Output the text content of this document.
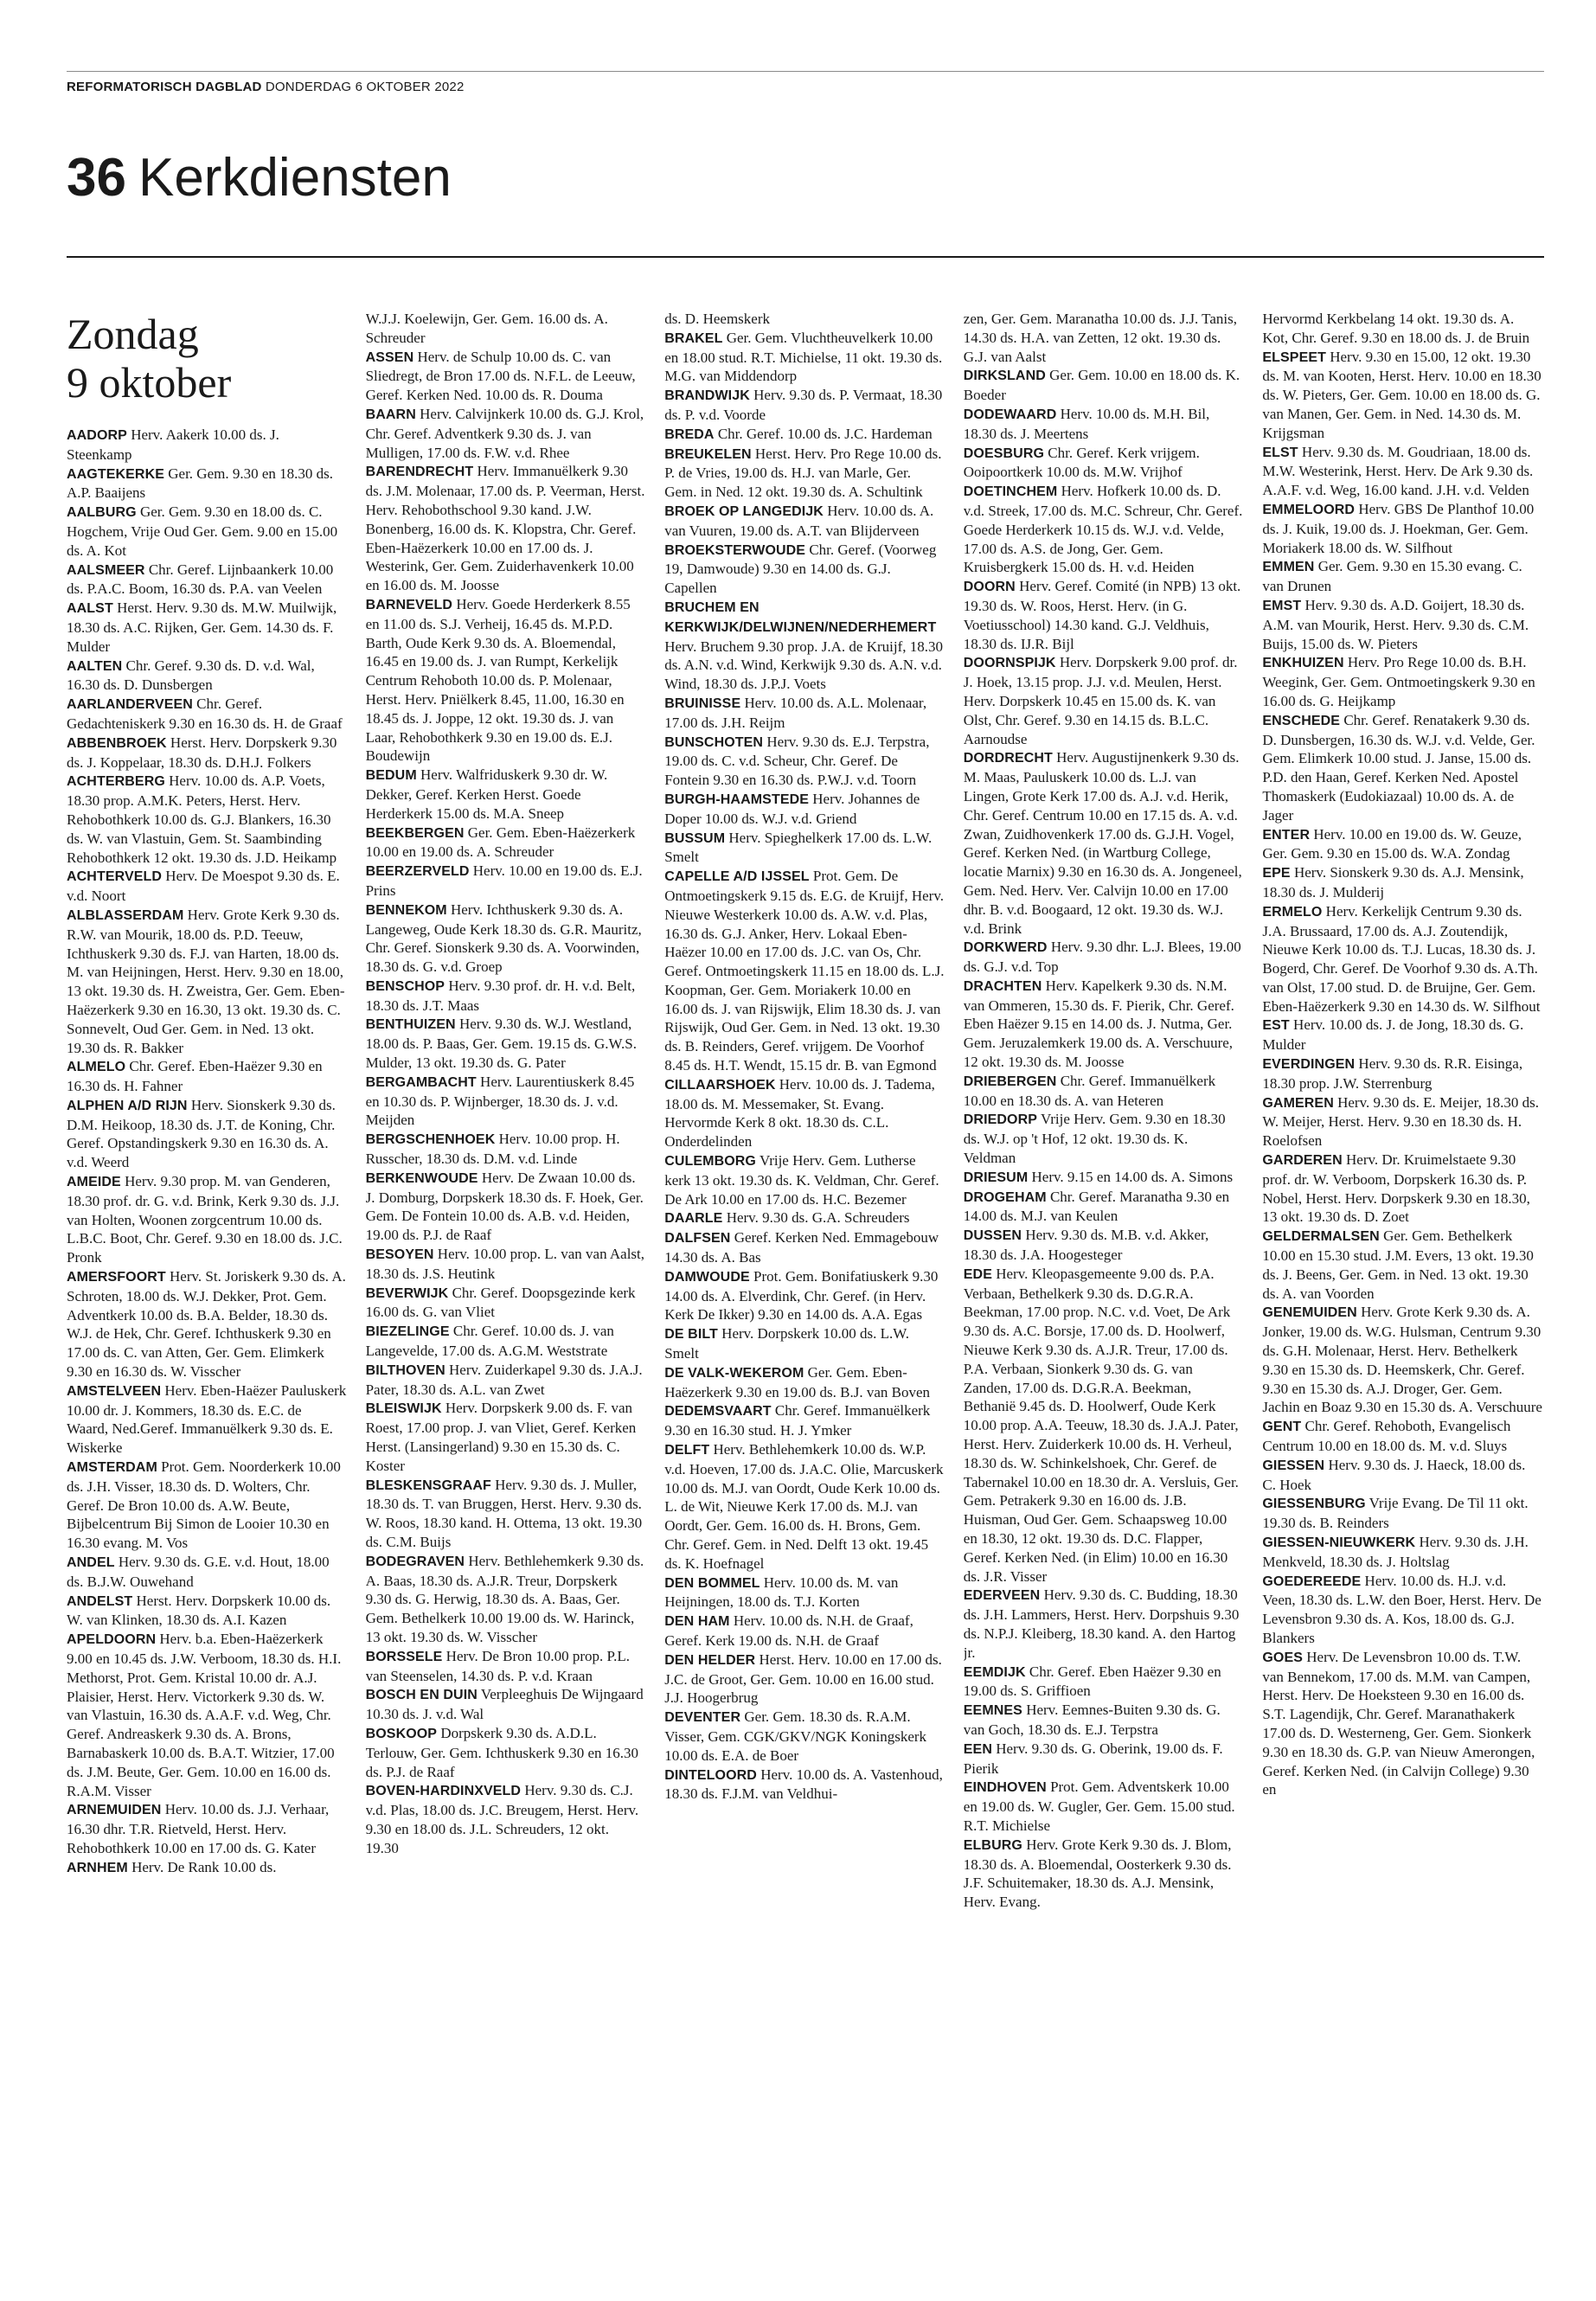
REFORMATORISCH DAGBLAD DONDERDAG 6 OKTOBER 2022
36 Kerkdiensten
Zondag
9 oktober

AADORP Herv. Aakerk 10.00 ds. J. Steenkamp

AAGTEKERKE Ger. Gem. 9.30 en 18.30 ds. A.P. Baaijens

AALBURG Ger. Gem. 9.30 en 18.00 ds. C. Hogchem, Vrije Oud Ger. Gem. 9.00 en 15.00 ds. A. Kot

AALSMEER Chr. Geref. Lijnbaankerk 10.00 ds. P.A.C. Boom, 16.30 ds. P.A. van Veelen

AALST Herst. Herv. 9.30 ds. M.W. Muilwijk, 18.30 ds. A.C. Rijken, Ger. Gem. 14.30 ds. F. Mulder

AALTEN Chr. Geref. 9.30 ds. D. v.d. Wal, 16.30 ds. D. Dunsbergen

AARLANDERVEEN Chr. Geref. Gedachteniskerk 9.30 en 16.30 ds. H. de Graaf

ABBENBROEK Herst. Herv. Dorpskerk 9.30 ds. J. Koppelaar, 18.30 ds. D.H.J. Folkers

ACHTERBERG Herv. 10.00 ds. A.P. Voets, 18.30 prop. A.M.K. Peters, Herst. Herv. Rehobothkerk 10.00 ds. G.J. Blankers, 16.30 ds. W. van Vlastuin, Gem. St. Saambinding Rehobothkerk 12 okt. 19.30 ds. J.D. Heikamp

ACHTERVELD Herv. De Moespot 9.30 ds. E. v.d. Noort

ALBLASSERDAM Herv. Grote Kerk 9.30 ds. R.W. van Mourik, 18.00 ds. P.D. Teeuw, Ichthuskerk 9.30 ds. F.J. van Harten, 18.00 ds. M. van Heijningen, Herst. Herv. 9.30 en 18.00, 13 okt. 19.30 ds. H. Zweistra, Ger. Gem. Eben-Haëzerkerk 9.30 en 16.30, 13 okt. 19.30 ds. C. Sonnevelt, Oud Ger. Gem. in Ned. 13 okt. 19.30 ds. R. Bakker

ALMELO Chr. Geref. Eben-Haëzer 9.30 en 16.30 ds. H. Fahner

ALPHEN A/D RIJN Herv. Sionskerk 9.30 ds. D.M. Heikoop, 18.30 ds. J.T. de Koning, Chr. Geref. Opstandingskerk 9.30 en 16.30 ds. A. v.d. Weerd

AMEIDE Herv. 9.30 prop. M. van Genderen, 18.30 prof. dr. G. v.d. Brink, Kerk 9.30 ds. J.J. van Holten, Woonen zorgcentrum 10.00 ds. L.B.C. Boot, Chr. Geref. 9.30 en 18.00 ds. J.C. Pronk

AMERSFOORT Herv. St. Joriskerk 9.30 ds. A. Schroten, 18.00 ds. W.J. Dekker, Prot. Gem. Adventkerk 10.00 ds. B.A. Belder, 18.30 ds. W.J. de Hek, Chr. Geref. Ichthuskerk 9.30 en 17.00 ds. C. van Atten, Ger. Gem. Elimkerk 9.30 en 16.30 ds. W. Visscher

AMSTELVEEN Herv. Eben-Haëzer Pauluskerk 10.00 dr. J. Kommers, 18.30 ds. E.C. de Waard, Ned.Geref. Immanuëlkerk 9.30 ds. E. Wiskerke

AMSTERDAM Prot. Gem. Noorderkerk 10.00 ds. J.H. Visser, 18.30 ds. D. Wolters, Chr. Geref. De Bron 10.00 ds. A.W. Beute, Bijbelcentrum Bij Simon de Looier 10.30 en 16.30 evang. M. Vos

ANDEL Herv. 9.30 ds. G.E. v.d. Hout, 18.00 ds. B.J.W. Ouwehand

ANDELST Herst. Herv. Dorpskerk 10.00 ds. W. van Klinken, 18.30 ds. A.I. Kazen

APELDOORN Herv. b.a. Eben-Haëzerkerk 9.00 en 10.45 ds. J.W. Verboom, 18.30 ds. H.I. Methorst, Prot. Gem. Kristal 10.00 dr. A.J. Plaisier, Herst. Herv. Victorkerk 9.30 ds. W. van Vlastuin, 16.30 ds. A.A.F. v.d. Weg, Chr. Geref. Andreaskerk 9.30 ds. A. Brons, Barnabaskerk 10.00 ds. B.A.T. Witzier, 17.00 ds. J.M. Beute, Ger. Gem. 10.00 en 16.00 ds. R.A.M. Visser

ARNEMUIDEN Herv. 10.00 ds. J.J. Verhaar, 16.30 dhr. T.R. Rietveld, Herst. Herv. Rehobothkerk 10.00 en 17.00 ds. G. Kater

ARNHEM Herv. De Rank 10.00 ds.

W.J.J. Koelewijn, Ger. Gem. 16.00 ds. A. Schreuder

ASSEN Herv. de Schulp 10.00 ds. C. van Sliedregt, de Bron 17.00 ds. N.F.L. de Leeuw, Geref. Kerken Ned. 10.00 ds. R. Douma

BAARN Herv. Calvijnkerk 10.00 ds. G.J. Krol, Chr. Geref. Adventkerk 9.30 ds. J. van Mulligen, 17.00 ds. F.W. v.d. Rhee

BARENDRECHT Herv. Immanuëlkerk 9.30 ds. J.M. Molenaar, 17.00 ds. P. Veerman, Herst. Herv. Rehobothschool 9.30 kand. J.W. Bonenberg, 16.00 ds. K. Klopstra, Chr. Geref. Eben-Haëzerkerk 10.00 en 17.00 ds. J. Westerink, Ger. Gem. Zuiderhavenkerk 10.00 en 16.00 ds. M. Joosse

BARNEVELD Herv. Goede Herderkerk 8.55 en 11.00 ds. S.J. Verheij, 16.45 ds. M.P.D. Barth, Oude Kerk 9.30 ds. A. Bloemendal, 16.45 en 19.00 ds. J. van Rumpt, Kerkelijk Centrum Rehoboth 10.00 ds. P. Molenaar, Herst. Herv. Pniëlkerk 8.45, 11.00, 16.30 en 18.45 ds. J. Joppe, 12 okt. 19.30 ds. J. van Laar, Rehobothkerk 9.30 en 19.00 ds. E.J. Boudewijn

BEDUM Herv. Walfriduskerk 9.30 dr. W. Dekker, Geref. Kerken Herst. Goede Herderkerk 15.00 ds. M.A. Sneep

BEEKBERGEN Ger. Gem. Eben-Haëzerkerk 10.00 en 19.00 ds. A. Schreuder

BEERZERVELD Herv. 10.00 en 19.00 ds. E.J. Prins

BENNEKOM Herv. Ichthuskerk 9.30 ds. A. Langeweg, Oude Kerk 18.30 ds. G.R. Mauritz, Chr. Geref. Sionskerk 9.30 ds. A. Voorwinden, 18.30 ds. G. v.d. Groep

BENSCHOP Herv. 9.30 prof. dr. H. v.d. Belt, 18.30 ds. J.T. Maas

BENTHUIZEN Herv. 9.30 ds. W.J. Westland, 18.00 ds. P. Baas, Ger. Gem. 19.15 ds. G.W.S. Mulder, 13 okt. 19.30 ds. G. Pater

BERGAMBACHT Herv. Laurentiuskerk 8.45 en 10.30 ds. P. Wijnberger, 18.30 ds. J. v.d. Meijden

BERGSCHENHOEK Herv. 10.00 prop. H. Russcher, 18.30 ds. D.M. v.d. Linde

BERKENWOUDE Herv. De Zwaan 10.00 ds. J. Domburg, Dorpskerk 18.30 ds. F. Hoek, Ger. Gem. De Fontein 10.00 ds. A.B. v.d. Heiden, 19.00 ds. P.J. de Raaf

BESOYEN Herv. 10.00 prop. L. van van Aalst, 18.30 ds. J.S. Heutink

BEVERWIJK Chr. Geref. Doopsgezinde kerk 16.00 ds. G. van Vliet

BIEZELINGE Chr. Geref. 10.00 ds. J. van Langevelde, 17.00 ds. A.G.M. Weststrate

BILTHOVEN Herv. Zuiderkapel 9.30 ds. J.A.J. Pater, 18.30 ds. A.L. van Zwet

BLEISWIJK Herv. Dorpskerk 9.00 ds. F. van Roest, 17.00 prop. J. van Vliet, Geref. Kerken Herst. (Lansingerland) 9.30 en 15.30 ds. C. Koster

BLESKENSGRAAF Herv. 9.30 ds. J. Muller, 18.30 ds. T. van Bruggen, Herst. Herv. 9.30 ds. W. Roos, 18.30 kand. H. Ottema, 13 okt. 19.30 ds. C.M. Buijs

BODEGRAVEN Herv. Bethlehemkerk 9.30 ds. A. Baas, 18.30 ds. A.J.R. Treur, Dorpskerk 9.30 ds. G. Herwig, 18.30 ds. A. Baas, Ger. Gem. Bethelkerk 10.00 19.00 ds. W. Harinck, 13 okt. 19.30 ds. W. Visscher

BORSSELE Herv. De Bron 10.00 prop. P.L. van Steenselen, 14.30 ds. P. v.d. Kraan

BOSCH EN DUIN Verpleeghuis De Wijngaard 10.30 ds. J. v.d. Wal

BOSKOOP Dorpskerk 9.30 ds. A.D.L. Terlouw, Ger. Gem. Ichthuskerk 9.30 en 16.30 ds. P.J. de Raaf

BOVEN-HARDINXVELD Herv. 9.30 ds. C.J. v.d. Plas, 18.00 ds. J.C. Breugem, Herst. Herv. 9.30 en 18.00 ds. J.L. Schreuders, 12 okt. 19.30

ds. D. Heemskerk

BRAKEL Ger. Gem. Vluchtheuvelkerk 10.00 en 18.00 stud. R.T. Michielse, 11 okt. 19.30 ds. M.G. van Middendorp

BRANDWIJK Herv. 9.30 ds. P. Vermaat, 18.30 ds. P. v.d. Voorde

BREDA Chr. Geref. 10.00 ds. J.C. Hardeman

BREUKELEN Herst. Herv. Pro Rege 10.00 ds. P. de Vries, 19.00 ds. H.J. van Marle, Ger. Gem. in Ned. 12 okt. 19.30 ds. A. Schultink

BROEK OP LANGEDIJK Herv. 10.00 ds. A. van Vuuren, 19.00 ds. A.T. van Blijderveen

BROEKSTERWOUDE Chr. Geref. (Voorweg 19, Damwoude) 9.30 en 14.00 ds. G.J. Capellen

BRUCHEM EN KERKWIJK/DELWIJNEN/NEDERHEMERT Herv. Bruchem 9.30 prop. J.A. de Kruijf, 18.30 ds. A.N. v.d. Wind, Kerkwijk 9.30 ds. A.N. v.d. Wind, 18.30 ds. J.P.J. Voets

BRUINISSE Herv. 10.00 ds. A.L. Molenaar, 17.00 ds. J.H. Reijm

BUNSCHOTEN Herv. 9.30 ds. E.J. Terpstra, 19.00 ds. C. v.d. Scheur, Chr. Geref. De Fontein 9.30 en 16.30 ds. P.W.J. v.d. Toorn

BURGH-HAAMSTEDE Herv. Johannes de Doper 10.00 ds. W.J. v.d. Griend

BUSSUM Herv. Spieghelkerk 17.00 ds. L.W. Smelt

CAPELLE A/D IJSSEL Prot. Gem. De Ontmoetingskerk 9.15 ds. E.G. de Kruijf, Herv. Nieuwe Westerkerk 10.00 ds. A.W. v.d. Plas, 16.30 ds. G.J. Anker, Herv. Lokaal Eben-Haëzer 10.00 en 17.00 ds. J.C. van Os, Chr. Geref. Ontmoetingskerk 11.15 en 18.00 ds. L.J. Koopman, Ger. Gem. Moriakerk 10.00 en 16.00 ds. J. van Rijswijk, Elim 18.30 ds. J. van Rijswijk, Oud Ger. Gem. in Ned. 13 okt. 19.30 ds. B. Reinders, Geref. vrijgem. De Voorhof 8.45 ds. H.T. Wendt, 15.15 dr. B. van Egmond

CILLAARSHOEK Herv. 10.00 ds. J. Tadema, 18.00 ds. M. Messemaker, St. Evang. Hervormde Kerk 8 okt. 18.30 ds. C.L. Onderdelinden

CULEMBORG Vrije Herv. Gem. Lutherse kerk 13 okt. 19.30 ds. K. Veldman, Chr. Geref. De Ark 10.00 en 17.00 ds. H.C. Bezemer

DAARLE Herv. 9.30 ds. G.A. Schreuders

DALFSEN Geref. Kerken Ned. Emmagebouw 14.30 ds. A. Bas

DAMWOUDE Prot. Gem. Bonifatiuskerk 9.30 14.00 ds. A. Elverdink, Chr. Geref. (in Herv. Kerk De Ikker) 9.30 en 14.00 ds. A.A. Egas

DE BILT Herv. Dorpskerk 10.00 ds. L.W. Smelt

DE VALK-WEKEROM Ger. Gem. Eben-Haëzerkerk 9.30 en 19.00 ds. B.J. van Boven

DEDEMSVAART Chr. Geref. Immanuëlkerk 9.30 en 16.30 stud. H. J. Ymker

DELFT Herv. Bethlehemkerk 10.00 ds. W.P. v.d. Hoeven, 17.00 ds. J.A.C. Olie, Marcuskerk 10.00 ds. M.J. van Oordt, Oude Kerk 10.00 ds. L. de Wit, Nieuwe Kerk 17.00 ds. M.J. van Oordt, Ger. Gem. 16.00 ds. H. Brons, Gem. Chr. Geref. Gem. in Ned. Delft 13 okt. 19.45 ds. K. Hoefnagel

DEN BOMMEL Herv. 10.00 ds. M. van Heijningen, 18.00 ds. T.J. Korten

DEN HAM Herv. 10.00 ds. N.H. de Graaf, Geref. Kerk 19.00 ds. N.H. de Graaf

DEN HELDER Herst. Herv. 10.00 en 17.00 ds. J.C. de Groot, Ger. Gem. 10.00 en 16.00 stud. J.J. Hoogerbrug

DEVENTER Ger. Gem. 18.30 ds. R.A.M. Visser, Gem. CGK/GKV/NGK Koningskerk 10.00 ds. E.A. de Boer

DINTELOORD Herv. 10.00 ds. A. Vastenhoud, 18.30 ds. F.J.M. van Veldhui-

zen, Ger. Gem. Maranatha 10.00 ds. J.J. Tanis, 14.30 ds. H.A. van Zetten, 12 okt. 19.30 ds. G.J. van Aalst

DIRKSLAND Ger. Gem. 10.00 en 18.00 ds. K. Boeder

DODEWAARD Herv. 10.00 ds. M.H. Bil, 18.30 ds. J. Meertens

DOESBURG Chr. Geref. Kerk vrijgem. Ooipoortkerk 10.00 ds. M.W. Vrijhof

DOETINCHEM Herv. Hofkerk 10.00 ds. D. v.d. Streek, 17.00 ds. M.C. Schreur, Chr. Geref. Goede Herderkerk 10.15 ds. W.J. v.d. Velde, 17.00 ds. A.S. de Jong, Ger. Gem. Kruisbergkerk 15.00 ds. H. v.d. Heiden

DOORN Herv. Geref. Comité (in NPB) 13 okt. 19.30 ds. W. Roos, Herst. Herv. (in G. Voetiusschool) 14.30 kand. G.J. Veldhuis, 18.30 ds. IJ.R. Bijl

DOORNSPIJK Herv. Dorpskerk 9.00 prof. dr. J. Hoek, 13.15 prop. J.J. v.d. Meulen, Herst. Herv. Dorpskerk 10.45 en 15.00 ds. K. van Olst, Chr. Geref. 9.30 en 14.15 ds. B.L.C. Aarnoudse

DORDRECHT Herv. Augustijnenkerk 9.30 ds. M. Maas, Pauluskerk 10.00 ds. L.J. van Lingen, Grote Kerk 17.00 ds. A.J. v.d. Herik, Chr. Geref. Centrum 10.00 en 17.15 ds. A. v.d. Zwan, Zuidhovenkerk 17.00 ds. G.J.H. Vogel, Geref. Kerken Ned. (in Wartburg College, locatie Marnix) 9.30 en 16.30 ds. A. Jongeneel, Gem. Ned. Herv. Ver. Calvijn 10.00 en 17.00 dhr. B. v.d. Boogaard, 12 okt. 19.30 ds. W.J. v.d. Brink

DORKWERD Herv. 9.30 dhr. L.J. Blees, 19.00 ds. G.J. v.d. Top

DRACHTEN Herv. Kapelkerk 9.30 ds. N.M. van Ommeren, 15.30 ds. F. Pierik, Chr. Geref. Eben Haëzer 9.15 en 14.00 ds. J. Nutma, Ger. Gem. Jeruzalemkerk 19.00 ds. A. Verschuure, 12 okt. 19.30 ds. M. Joosse

DRIEBERGEN Chr. Geref. Immanuëlkerk 10.00 en 18.30 ds. A. van Heteren

DRIEDORP Vrije Herv. Gem. 9.30 en 18.30 ds. W.J. op 't Hof, 12 okt. 19.30 ds. K. Veldman

DRIESUM Herv. 9.15 en 14.00 ds. A. Simons

DROGEHAM Chr. Geref. Maranatha 9.30 en 14.00 ds. M.J. van Keulen

DUSSEN Herv. 9.30 ds. M.B. v.d. Akker, 18.30 ds. J.A. Hoogesteger

EDE Herv. Kleopasgemeente 9.00 ds. P.A. Verbaan, Bethelkerk 9.30 ds. D.G.R.A. Beekman, 17.00 prop. N.C. v.d. Voet, De Ark 9.30 ds. A.C. Borsje, 17.00 ds. D. Hoolwerf, Nieuwe Kerk 9.30 ds. A.J.R. Treur, 17.00 ds. P.A. Verbaan, Sionkerk 9.30 ds. G. van Zanden, 17.00 ds. D.G.R.A. Beekman, Bethanië 9.45 ds. D. Hoolwerf, Oude Kerk 10.00 prop. A.A. Teeuw, 18.30 ds. J.A.J. Pater, Herst. Herv. Zuiderkerk 10.00 ds. H. Verheul, 18.30 ds. W. Schinkelshoek, Chr. Geref. de Tabernakel 10.00 en 18.30 dr. A. Versluis, Ger. Gem. Petrakerk 9.30 en 16.00 ds. J.B. Huisman, Oud Ger. Gem. Schaapsweg 10.00 en 18.30, 12 okt. 19.30 ds. D.C. Flapper, Geref. Kerken Ned. (in Elim) 10.00 en 16.30 ds. J.R. Visser

EDERVEEN Herv. 9.30 ds. C. Budding, 18.30 ds. J.H. Lammers, Herst. Herv. Dorpshuis 9.30 ds. N.P.J. Kleiberg, 18.30 kand. A. den Hartog jr.

EEMDIJK Chr. Geref. Eben Haëzer 9.30 en 19.00 ds. S. Griffioen

EEMNES Herv. Eemnes-Buiten 9.30 ds. G. van Goch, 18.30 ds. E.J. Terpstra

EEN Herv. 9.30 ds. G. Oberink, 19.00 ds. F. Pierik

EINDHOVEN Prot. Gem. Adventskerk 10.00 en 19.00 ds. W. Gugler, Ger. Gem. 15.00 stud. R.T. Michielse

ELBURG Herv. Grote Kerk 9.30 ds. J. Blom, 18.30 ds. A. Bloemendal, Oosterkerk 9.30 ds. J.F. Schuitemaker, 18.30 ds. A.J. Mensink, Herv. Evang.

Hervormd Kerkbelang 14 okt. 19.30 ds. A. Kot, Chr. Geref. 9.30 en 18.00 ds. J. de Bruin

ELSPEET Herv. 9.30 en 15.00, 12 okt. 19.30 ds. M. van Kooten, Herst. Herv. 10.00 en 18.30 ds. W. Pieters, Ger. Gem. 10.00 en 18.00 ds. G. van Manen, Ger. Gem. in Ned. 14.30 ds. M. Krijgsman

ELST Herv. 9.30 ds. M. Goudriaan, 18.00 ds. M.W. Westerink, Herst. Herv. De Ark 9.30 ds. A.A.F. v.d. Weg, 16.00 kand. J.H. v.d. Velden

EMMELOORD Herv. GBS De Planthof 10.00 ds. J. Kuik, 19.00 ds. J. Hoekman, Ger. Gem. Moriakerk 18.00 ds. W. Silfhout

EMMEN Ger. Gem. 9.30 en 15.30 evang. C. van Drunen

EMST Herv. 9.30 ds. A.D. Goijert, 18.30 ds. A.M. van Mourik, Herst. Herv. 9.30 ds. C.M. Buijs, 15.00 ds. W. Pieters

ENKHUIZEN Herv. Pro Rege 10.00 ds. B.H. Weegink, Ger. Gem. Ontmoetingskerk 9.30 en 16.00 ds. G. Heijkamp

ENSCHEDE Chr. Geref. Renatakerk 9.30 ds. D. Dunsbergen, 16.30 ds. W.J. v.d. Velde, Ger. Gem. Elimkerk 10.00 stud. J. Janse, 15.00 ds. P.D. den Haan, Geref. Kerken Ned. Apostel Thomaskerk (Eudokiazaal) 10.00 ds. A. de Jager

ENTER Herv. 10.00 en 19.00 ds. W. Geuze, Ger. Gem. 9.30 en 15.00 ds. W.A. Zondag

EPE Herv. Sionskerk 9.30 ds. A.J. Mensink, 18.30 ds. J. Mulderij

ERMELO Herv. Kerkelijk Centrum 9.30 ds. J.A. Brussaard, 17.00 ds. A.J. Zoutendijk, Nieuwe Kerk 10.00 ds. T.J. Lucas, 18.30 ds. J. Bogerd, Chr. Geref. De Voorhof 9.30 ds. A.Th. van Olst, 17.00 stud. D. de Bruijne, Ger. Gem. Eben-Haëzerkerk 9.30 en 14.30 ds. W. Silfhout

EST Herv. 10.00 ds. J. de Jong, 18.30 ds. G. Mulder

EVERDINGEN Herv. 9.30 ds. R.R. Eisinga, 18.30 prop. J.W. Sterrenburg

GAMEREN Herv. 9.30 ds. E. Meijer, 18.30 ds. W. Meijer, Herst. Herv. 9.30 en 18.30 ds. H. Roelofsen

GARDEREN Herv. Dr. Kruimelstaete 9.30 prof. dr. W. Verboom, Dorpskerk 16.30 ds. P. Nobel, Herst. Herv. Dorpskerk 9.30 en 18.30, 13 okt. 19.30 ds. D. Zoet

GELDERMALSEN Ger. Gem. Bethelkerk 10.00 en 15.30 stud. J.M. Evers, 13 okt. 19.30 ds. J. Beens, Ger. Gem. in Ned. 13 okt. 19.30 ds. A. van Voorden

GENEMUIDEN Herv. Grote Kerk 9.30 ds. A. Jonker, 19.00 ds. W.G. Hulsman, Centrum 9.30 ds. G.H. Molenaar, Herst. Herv. Bethelkerk 9.30 en 15.30 ds. D. Heemskerk, Chr. Geref. 9.30 en 15.30 ds. A.J. Droger, Ger. Gem. Jachin en Boaz 9.30 en 15.30 ds. A. Verschuure

GENT Chr. Geref. Rehoboth, Evangelisch Centrum 10.00 en 18.00 ds. M. v.d. Sluys

GIESSEN Herv. 9.30 ds. J. Haeck, 18.00 ds. C. Hoek

GIESSENBURG Vrije Evang. De Til 11 okt. 19.30 ds. B. Reinders

GIESSEN-NIEUWKERK Herv. 9.30 ds. J.H. Menkveld, 18.30 ds. J. Holtslag

GOEDEREEDE Herv. 10.00 ds. H.J. v.d. Veen, 18.30 ds. L.W. den Boer, Herst. Herv. De Levensbron 9.30 ds. A. Kos, 18.00 ds. G.J. Blankers

GOES Herv. De Levensbron 10.00 ds. T.W. van Bennekom, 17.00 ds. M.M. van Campen, Herst. Herv. De Hoeksteen 9.30 en 16.00 ds. S.T. Lagendijk, Chr. Geref. Maranathakerk 17.00 ds. D. Westerneng, Ger. Gem. Sionkerk 9.30 en 18.30 ds. G.P. van Nieuw Amerongen, Geref. Kerken Ned. (in Calvijn College) 9.30 en
